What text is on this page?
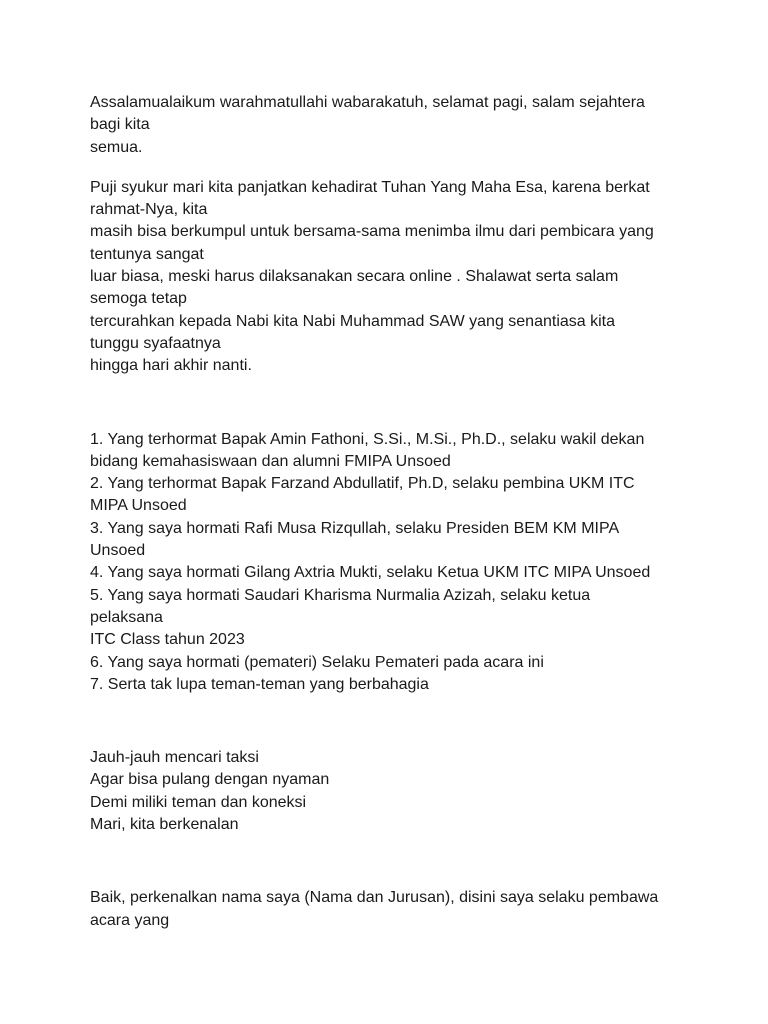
Assalamualaikum warahmatullahi wabarakatuh, selamat pagi, salam sejahtera
bagi kita
semua.
Puji syukur mari kita panjatkan kehadirat Tuhan Yang Maha Esa, karena berkat
rahmat-Nya, kita
masih bisa berkumpul untuk bersama-sama menimba ilmu dari pembicara yang
tentunya sangat
luar biasa, meski harus dilaksanakan secara online . Shalawat serta salam
semoga tetap
tercurahkan kepada Nabi kita Nabi Muhammad SAW yang senantiasa kita
tunggu syafaatnya
hingga hari akhir nanti.
1. Yang terhormat Bapak Amin Fathoni, S.Si., M.Si., Ph.D., selaku wakil dekan
bidang kemahasiswaan dan alumni FMIPA Unsoed
2. Yang terhormat Bapak Farzand Abdullatif, Ph.D, selaku pembina UKM ITC
MIPA Unsoed
3. Yang saya hormati Rafi Musa Rizqullah, selaku Presiden BEM KM MIPA
Unsoed
4. Yang saya hormati Gilang Axtria Mukti, selaku Ketua UKM ITC MIPA Unsoed
5. Yang saya hormati Saudari Kharisma Nurmalia Azizah, selaku ketua
pelaksana
ITC Class tahun 2023
6. Yang saya hormati (pemateri) Selaku Pemateri pada acara ini
7. Serta tak lupa teman-teman yang berbahagia
Jauh-jauh mencari taksi
Agar bisa pulang dengan nyaman
Demi miliki teman dan koneksi
Mari, kita berkenalan
Baik, perkenalkan nama saya (Nama dan Jurusan), disini saya selaku pembawa
acara yang
